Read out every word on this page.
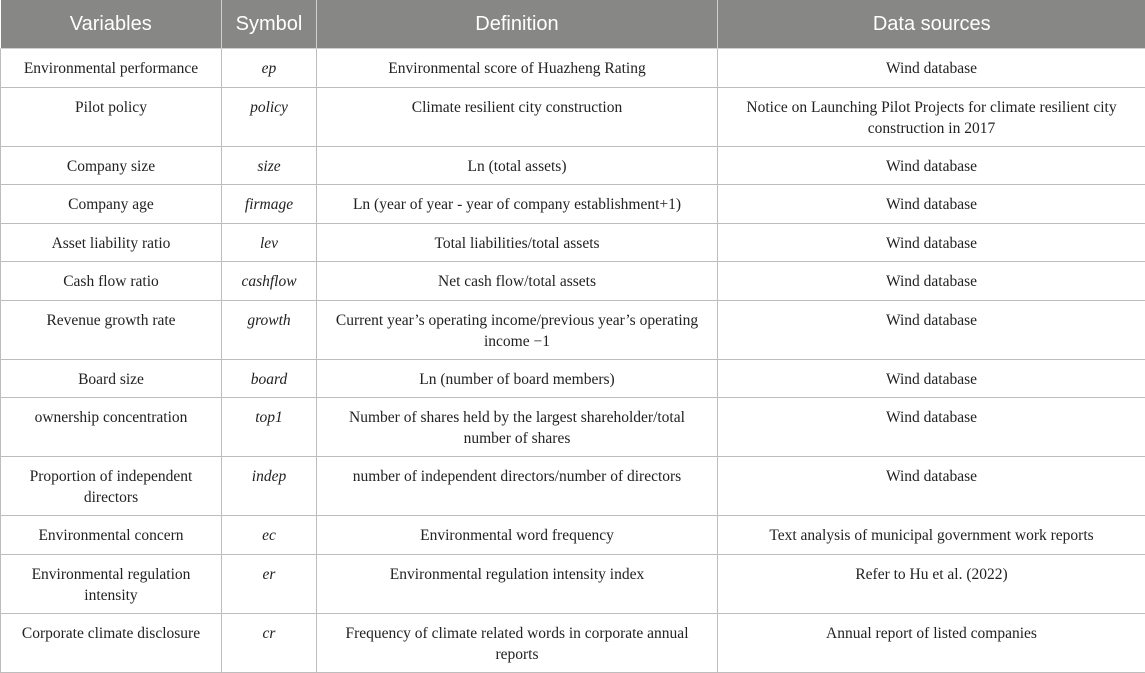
Variables	Symbol	Definition	Data sources
Environmental performance	ep	Environmental score of Huazheng Rating	Wind database
Pilot policy	policy	Climate resilient city construction	Notice on Launching Pilot Projects for climate resilient city construction in 2017
Company size	size	Ln (total assets)	Wind database
Company age	firmage	Ln (year of year - year of company establishment+1)	Wind database
Asset liability ratio	lev	Total liabilities/total assets	Wind database
Cash flow ratio	cashflow	Net cash flow/total assets	Wind database
Revenue growth rate	growth	Current year’s operating income/previous year’s operating income −1	Wind database
Board size	board	Ln (number of board members)	Wind database
ownership concentration	top1	Number of shares held by the largest shareholder/total number of shares	Wind database
Proportion of independent directors	indep	number of independent directors/number of directors	Wind database
Environmental concern	ec	Environmental word frequency	Text analysis of municipal government work reports
Environmental regulation intensity	er	Environmental regulation intensity index	Refer to Hu et al. (2022)
Corporate climate disclosure	cr	Frequency of climate related words in corporate annual reports	Annual report of listed companies
